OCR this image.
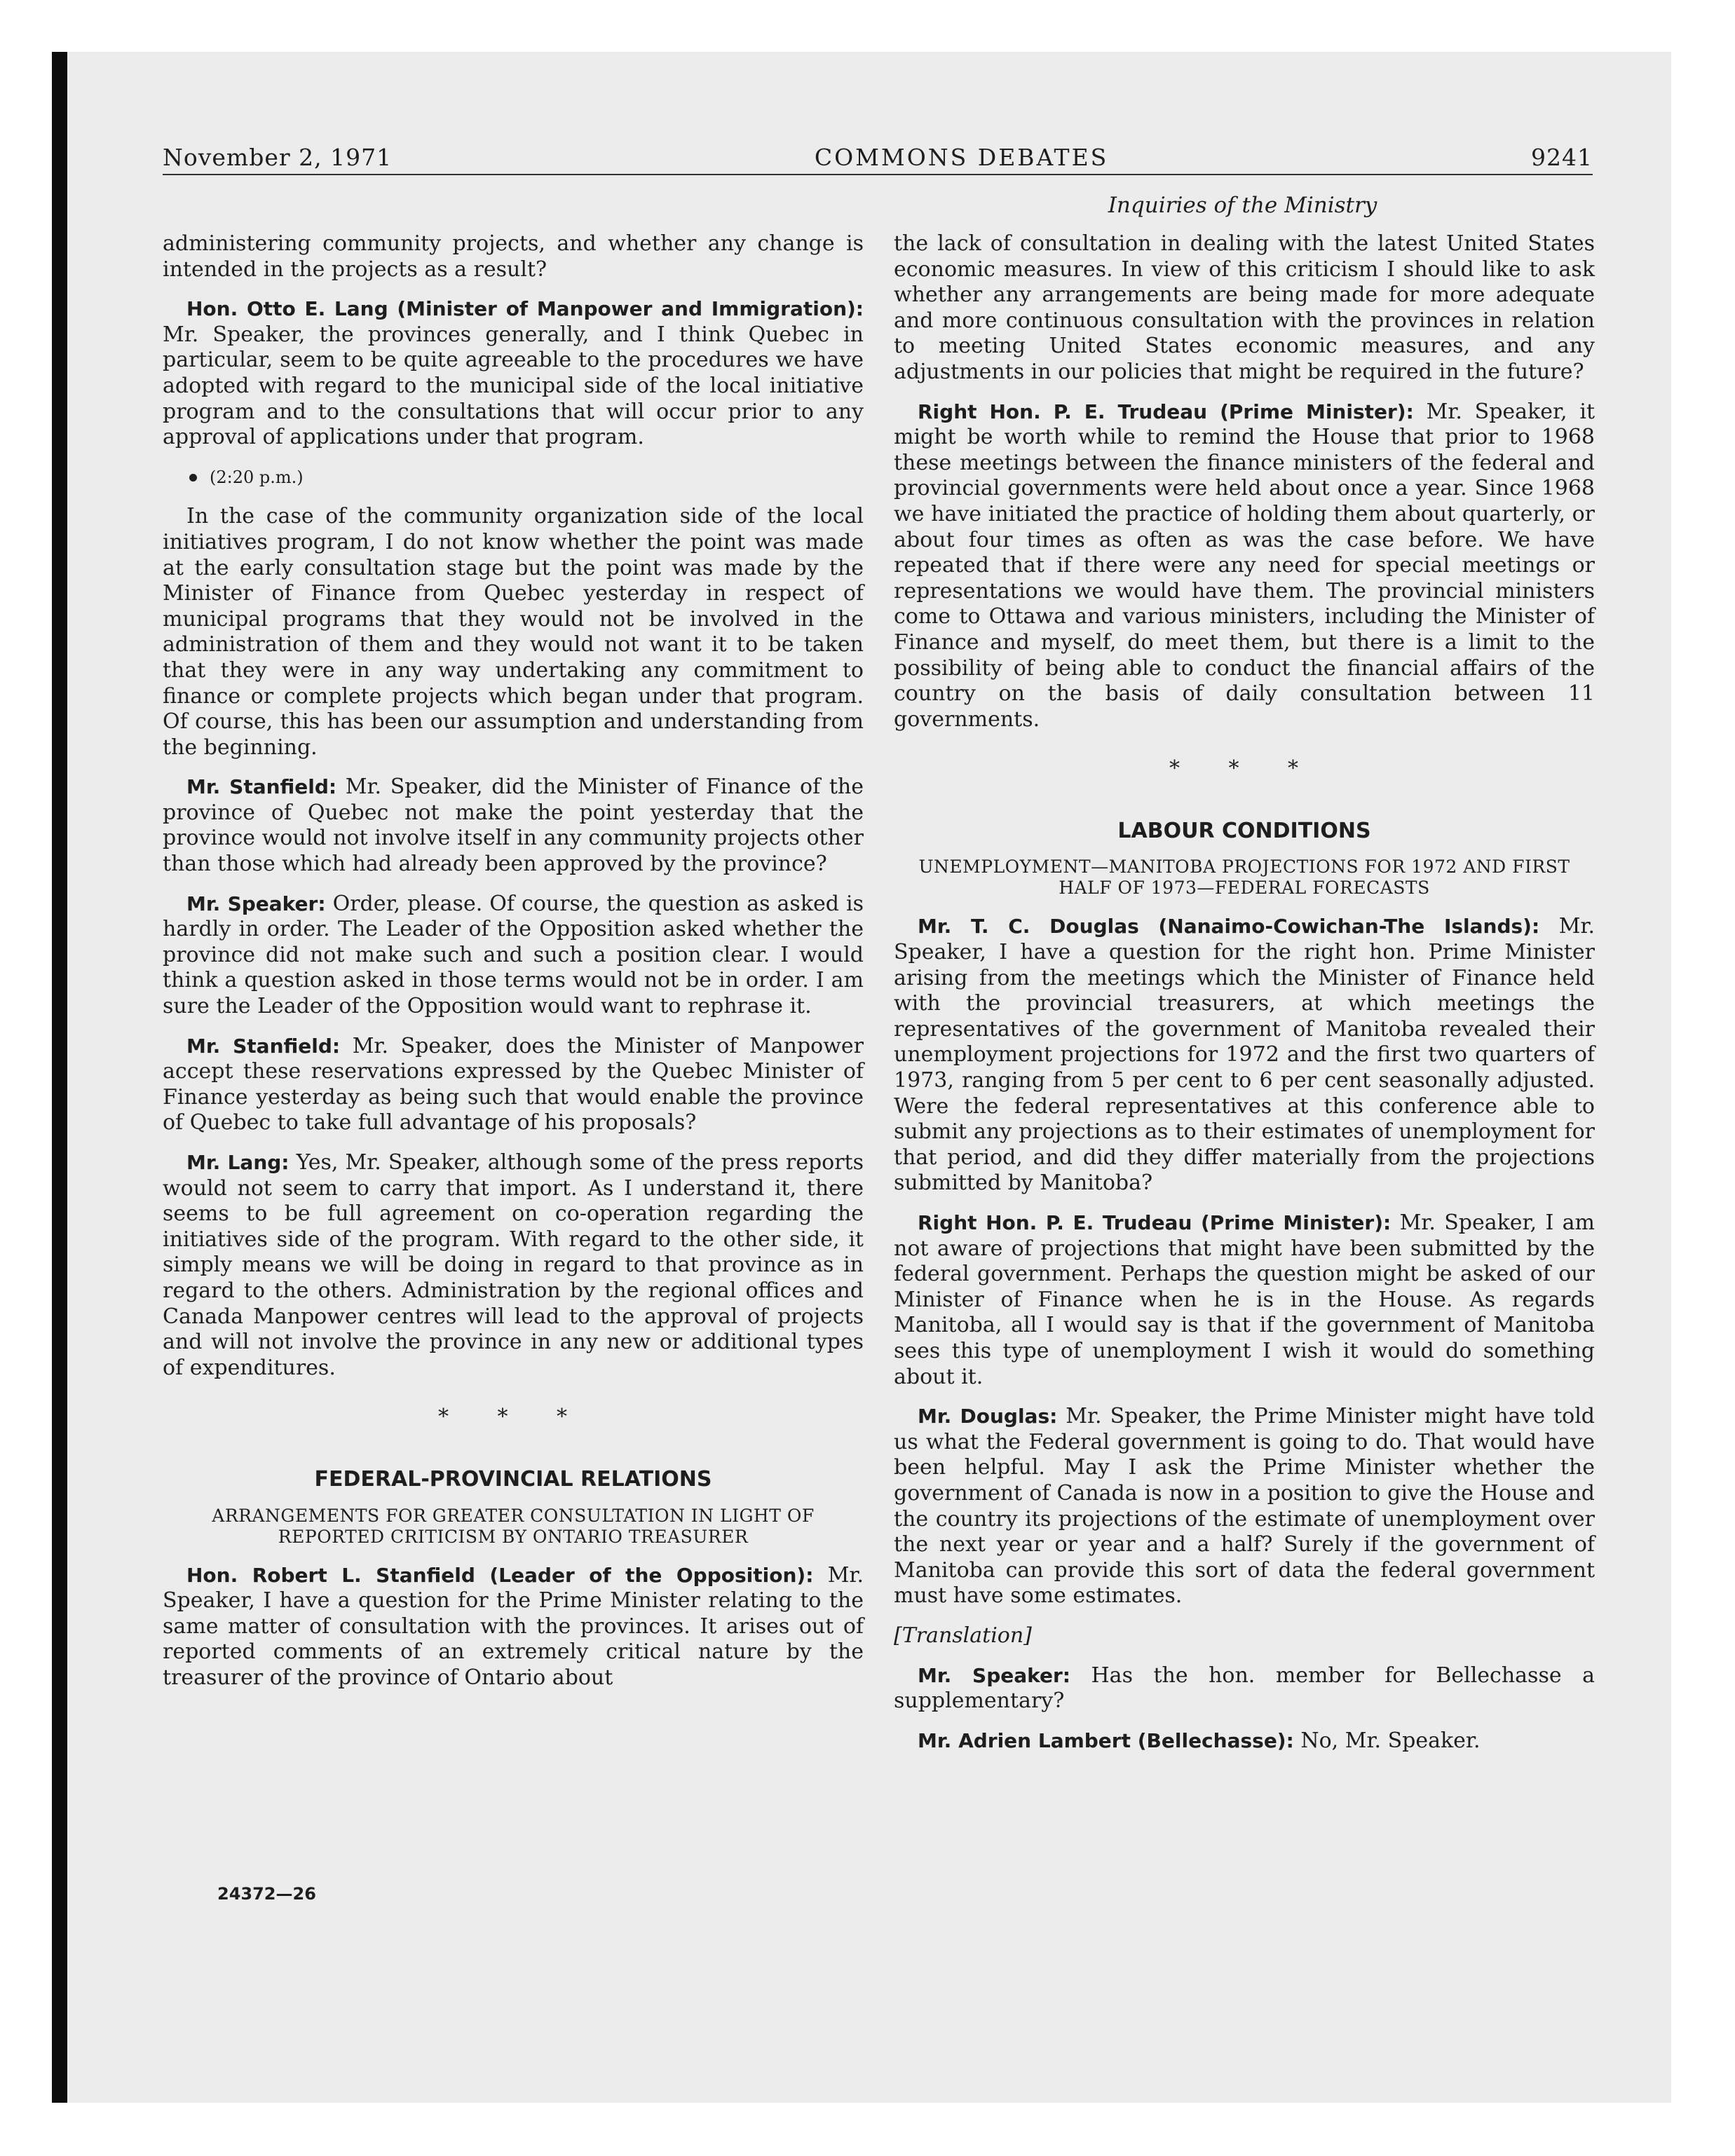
November 2, 1971	COMMONS DEBATES	9241
Inquiries of the Ministry

administering community projects, and whether any change is intended in the projects as a result?

Hon. Otto E. Lang (Minister of Manpower and Immigration): Mr. Speaker, the provinces generally, and I think Quebec in particular, seem to be quite agreeable to the procedures we have adopted with regard to the municipal side of the local initiative program and to the consultations that will occur prior to any approval of applications under that program.

(2:20 p.m.)

In the case of the community organization side of the local initiatives program, I do not know whether the point was made at the early consultation stage but the point was made by the Minister of Finance from Quebec yesterday in respect of municipal programs that they would not be involved in the administration of them and they would not want it to be taken that they were in any way undertaking any commitment to finance or complete projects which began under that program. Of course, this has been our assumption and understanding from the beginning.

Mr. Stanfield: Mr. Speaker, did the Minister of Finance of the province of Quebec not make the point yesterday that the province would not involve itself in any community projects other than those which had already been approved by the province?

Mr. Speaker: Order, please. Of course, the question as asked is hardly in order. The Leader of the Opposition asked whether the province did not make such and such a position clear. I would think a question asked in those terms would not be in order. I am sure the Leader of the Opposition would want to rephrase it.

Mr. Stanfield: Mr. Speaker, does the Minister of Manpower accept these reservations expressed by the Quebec Minister of Finance yesterday as being such that would enable the province of Quebec to take full advantage of his proposals?

Mr. Lang: Yes, Mr. Speaker, although some of the press reports would not seem to carry that import. As I understand it, there seems to be full agreement on co-operation regarding the initiatives side of the program. With regard to the other side, it simply means we will be doing in regard to that province as in regard to the others. Administration by the regional offices and Canada Manpower centres will lead to the approval of projects and will not involve the province in any new or additional types of expenditures.

* * *
FEDERAL-PROVINCIAL RELATIONS
ARRANGEMENTS FOR GREATER CONSULTATION IN LIGHT OF REPORTED CRITICISM BY ONTARIO TREASURER

Hon. Robert L. Stanfield (Leader of the Opposition): Mr. Speaker, I have a question for the Prime Minister relating to the same matter of consultation with the provinces. It arises out of reported comments of an extremely critical nature by the treasurer of the province of Ontario about

the lack of consultation in dealing with the latest United States economic measures. In view of this criticism I should like to ask whether any arrangements are being made for more adequate and more continuous consultation with the provinces in relation to meeting United States economic measures, and any adjustments in our policies that might be required in the future?

Right Hon. P. E. Trudeau (Prime Minister): Mr. Speaker, it might be worth while to remind the House that prior to 1968 these meetings between the finance ministers of the federal and provincial governments were held about once a year. Since 1968 we have initiated the practice of holding them about quarterly, or about four times as often as was the case before. We have repeated that if there were any need for special meetings or representations we would have them. The provincial ministers come to Ottawa and various ministers, including the Minister of Finance and myself, do meet them, but there is a limit to the possibility of being able to conduct the financial affairs of the country on the basis of daily consultation between 11 governments.

* * *
LABOUR CONDITIONS
UNEMPLOYMENT—MANITOBA PROJECTIONS FOR 1972 AND FIRST HALF OF 1973—FEDERAL FORECASTS

Mr. T. C. Douglas (Nanaimo-Cowichan-The Islands): Mr. Speaker, I have a question for the right hon. Prime Minister arising from the meetings which the Minister of Finance held with the provincial treasurers, at which meetings the representatives of the government of Manitoba revealed their unemployment projections for 1972 and the first two quarters of 1973, ranging from 5 per cent to 6 per cent seasonally adjusted. Were the federal representatives at this conference able to submit any projections as to their estimates of unemployment for that period, and did they differ materially from the projections submitted by Manitoba?

Right Hon. P. E. Trudeau (Prime Minister): Mr. Speaker, I am not aware of projections that might have been submitted by the federal government. Perhaps the question might be asked of our Minister of Finance when he is in the House. As regards Manitoba, all I would say is that if the government of Manitoba sees this type of unemployment I wish it would do something about it.

Mr. Douglas: Mr. Speaker, the Prime Minister might have told us what the Federal government is going to do. That would have been helpful. May I ask the Prime Minister whether the government of Canada is now in a position to give the House and the country its projections of the estimate of unemployment over the next year or year and a half? Surely if the government of Manitoba can provide this sort of data the federal government must have some estimates.

[Translation]

Mr. Speaker: Has the hon. member for Bellechasse a supplementary?

Mr. Adrien Lambert (Bellechasse): No, Mr. Speaker.

24372—26
